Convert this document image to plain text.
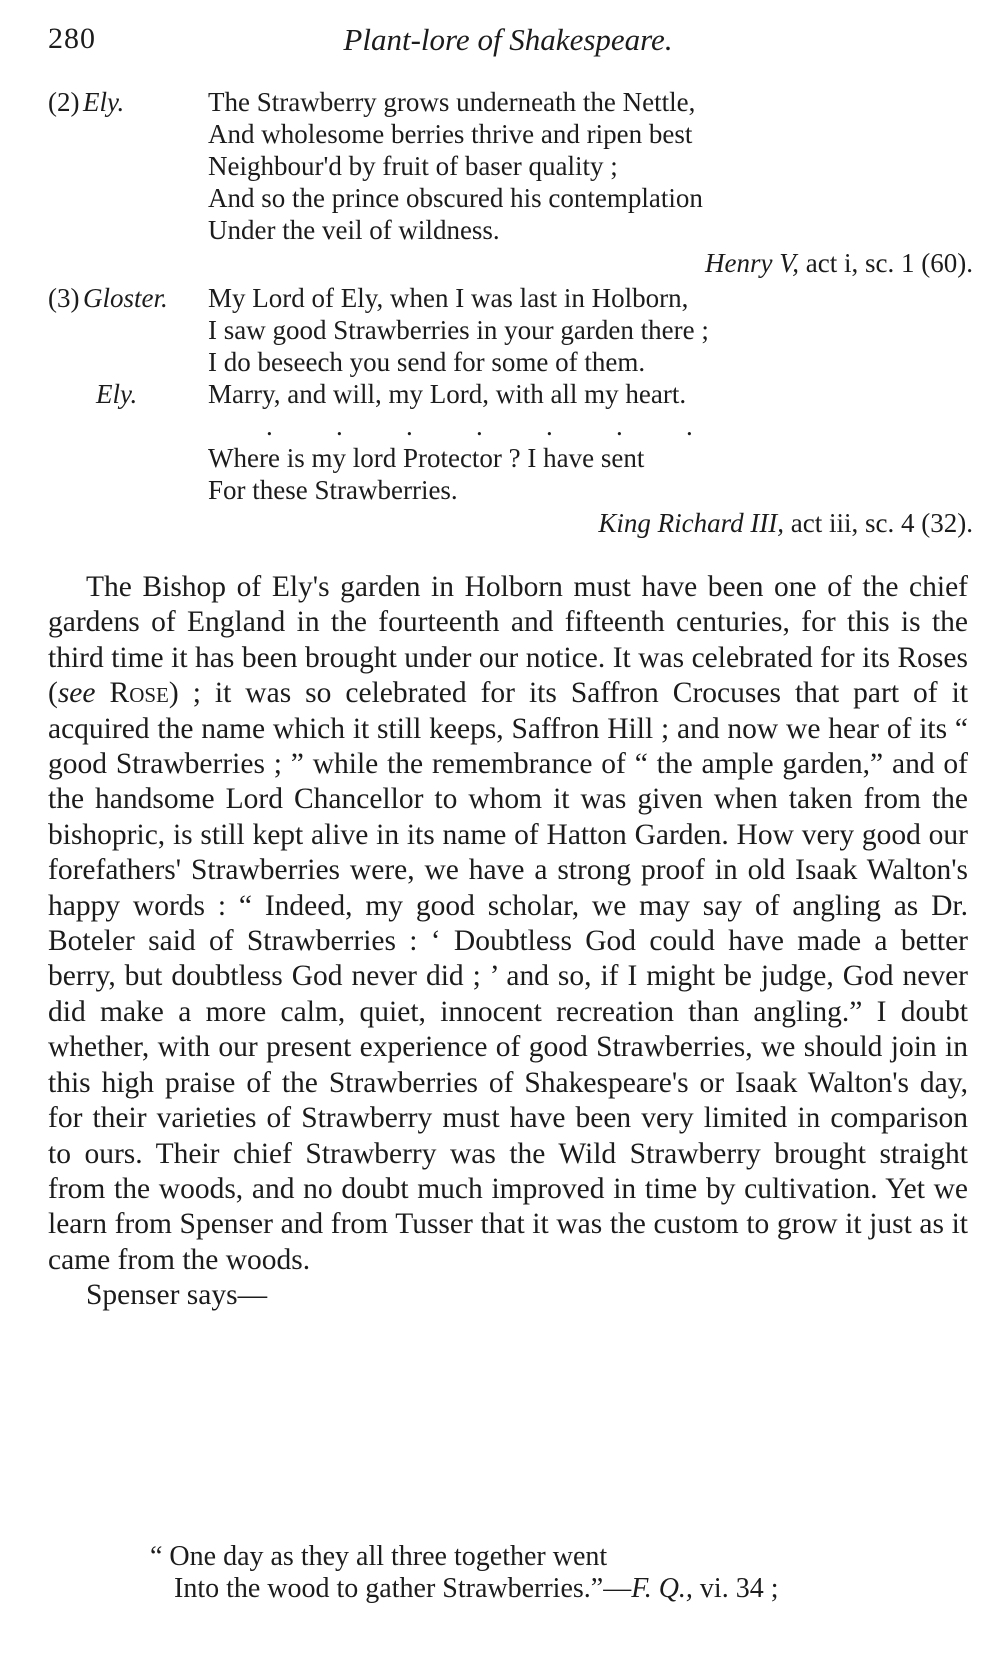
280	Plant-lore of Shakespeare.
(2) Ely.	The Strawberry grows underneath the Nettle,
And wholesome berries thrive and ripen best
Neighbour'd by fruit of baser quality ;
And so the prince obscured his contemplation
Under the veil of wildness.
Henry V, act i, sc. 1 (60).
(3) Gloster. My Lord of Ely, when I was last in Holborn,
I saw good Strawberries in your garden there ;
I do beseech you send for some of them.
Ely.	Marry, and will, my Lord, with all my heart.
. . . . . . .
Where is my lord Protector ? I have sent
For these Strawberries.
King Richard III, act iii, sc. 4 (32).

The Bishop of Ely's garden in Holborn must have been one of the chief gardens of England in the fourteenth and fifteenth centuries, for this is the third time it has been brought under our notice. It was celebrated for its Roses (see Rose) ; it was so celebrated for its Saffron Crocuses that part of it acquired the name which it still keeps, Saffron Hill ; and now we hear of its “ good Strawberries ; ” while the remembrance of “ the ample garden,” and of the handsome Lord Chancellor to whom it was given when taken from the bishopric, is still kept alive in its name of Hatton Garden. How very good our forefathers' Strawberries were, we have a strong proof in old Isaak Walton's happy words : “ Indeed, my good scholar, we may say of angling as Dr. Boteler said of Strawberries : ‘ Doubtless God could have made a better berry, but doubtless God never did ; ’ and so, if I might be judge, God never did make a more calm, quiet, innocent recreation than angling.” I doubt whether, with our present experience of good Strawberries, we should join in this high praise of the Strawberries of Shakespeare's or Isaak Walton's day, for their varieties of Strawberry must have been very limited in comparison to ours. Their chief Strawberry was the Wild Strawberry brought straight from the woods, and no doubt much improved in time by cultivation. Yet we learn from Spenser and from Tusser that it was the custom to grow it just as it came from the woods.

Spenser says—

“ One day as they all three together went
Into the wood to gather Strawberries.”—F. Q., vi. 34 ;
